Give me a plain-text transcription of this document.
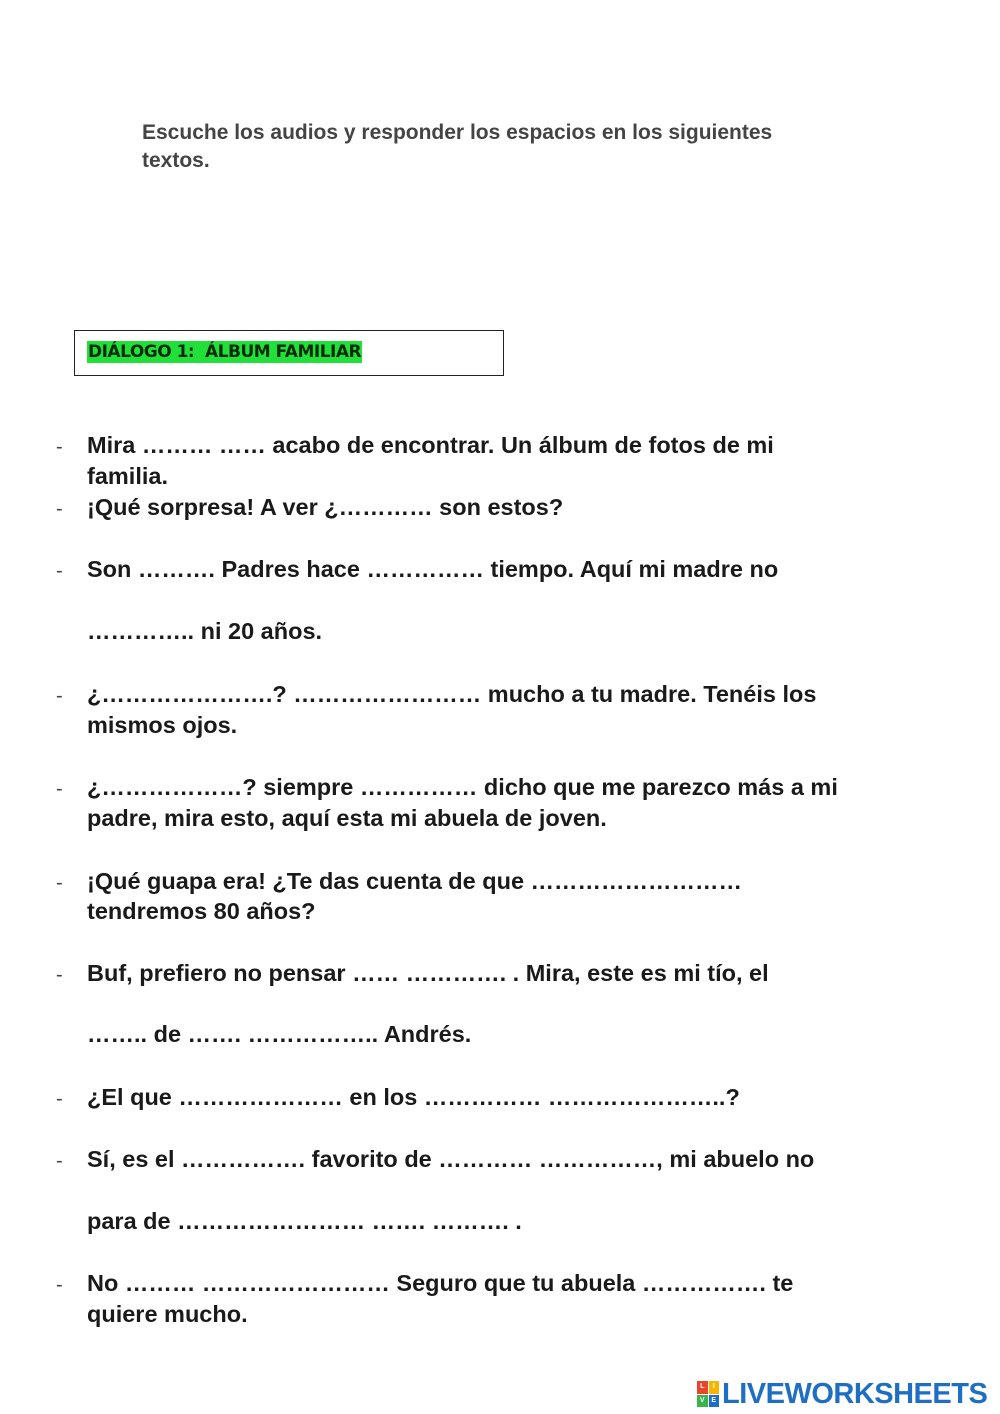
Escuche los audios y responder los espacios en los siguientes
textos.
DIÁLOGO 1:  ÁLBUM FAMILIAR
- Mira ……… …… acabo de encontrar. Un álbum de fotos de mi
familia.
- ¡Qué sorpresa! A ver ¿………… son estos?
- Son ………. Padres hace …………… tiempo. Aquí mi madre no
………….. ni 20 años.
- ¿………………….? …………………… mucho a tu madre. Tenéis los
mismos ojos.
- ¿………………? siempre …………… dicho que me parezco más a mi
padre, mira esto, aquí esta mi abuela de joven.
- ¡Qué guapa era! ¿Te das cuenta de que ………………………
tendremos 80 años?
- Buf, prefiero no pensar …… …………. . Mira, este es mi tío, el
…….. de ……. …………….. Andrés.
- ¿El que ………………… en los …………… …………………..?
- Sí, es el ……………. favorito de ………… ……………, mi abuelo no
para de …………………… ……. ………. .
- No ……… …………………… Seguro que tu abuela ……………. te
quiere mucho.
L	I
V E LIVEWORKSHEETS
